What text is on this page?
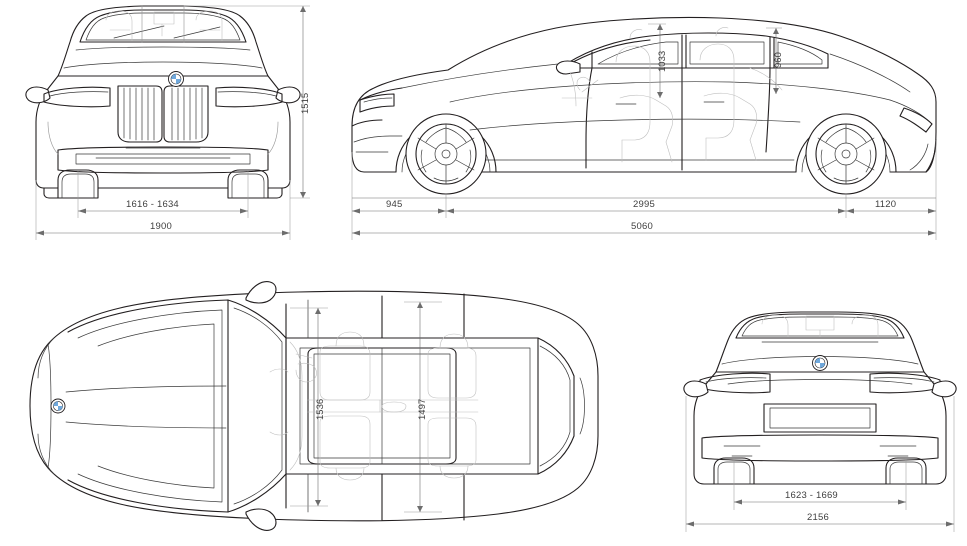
1515
1616 - 1634
1900
1033	960
945	2995	1120
5060
1536	1497
1623 - 1669
2156
